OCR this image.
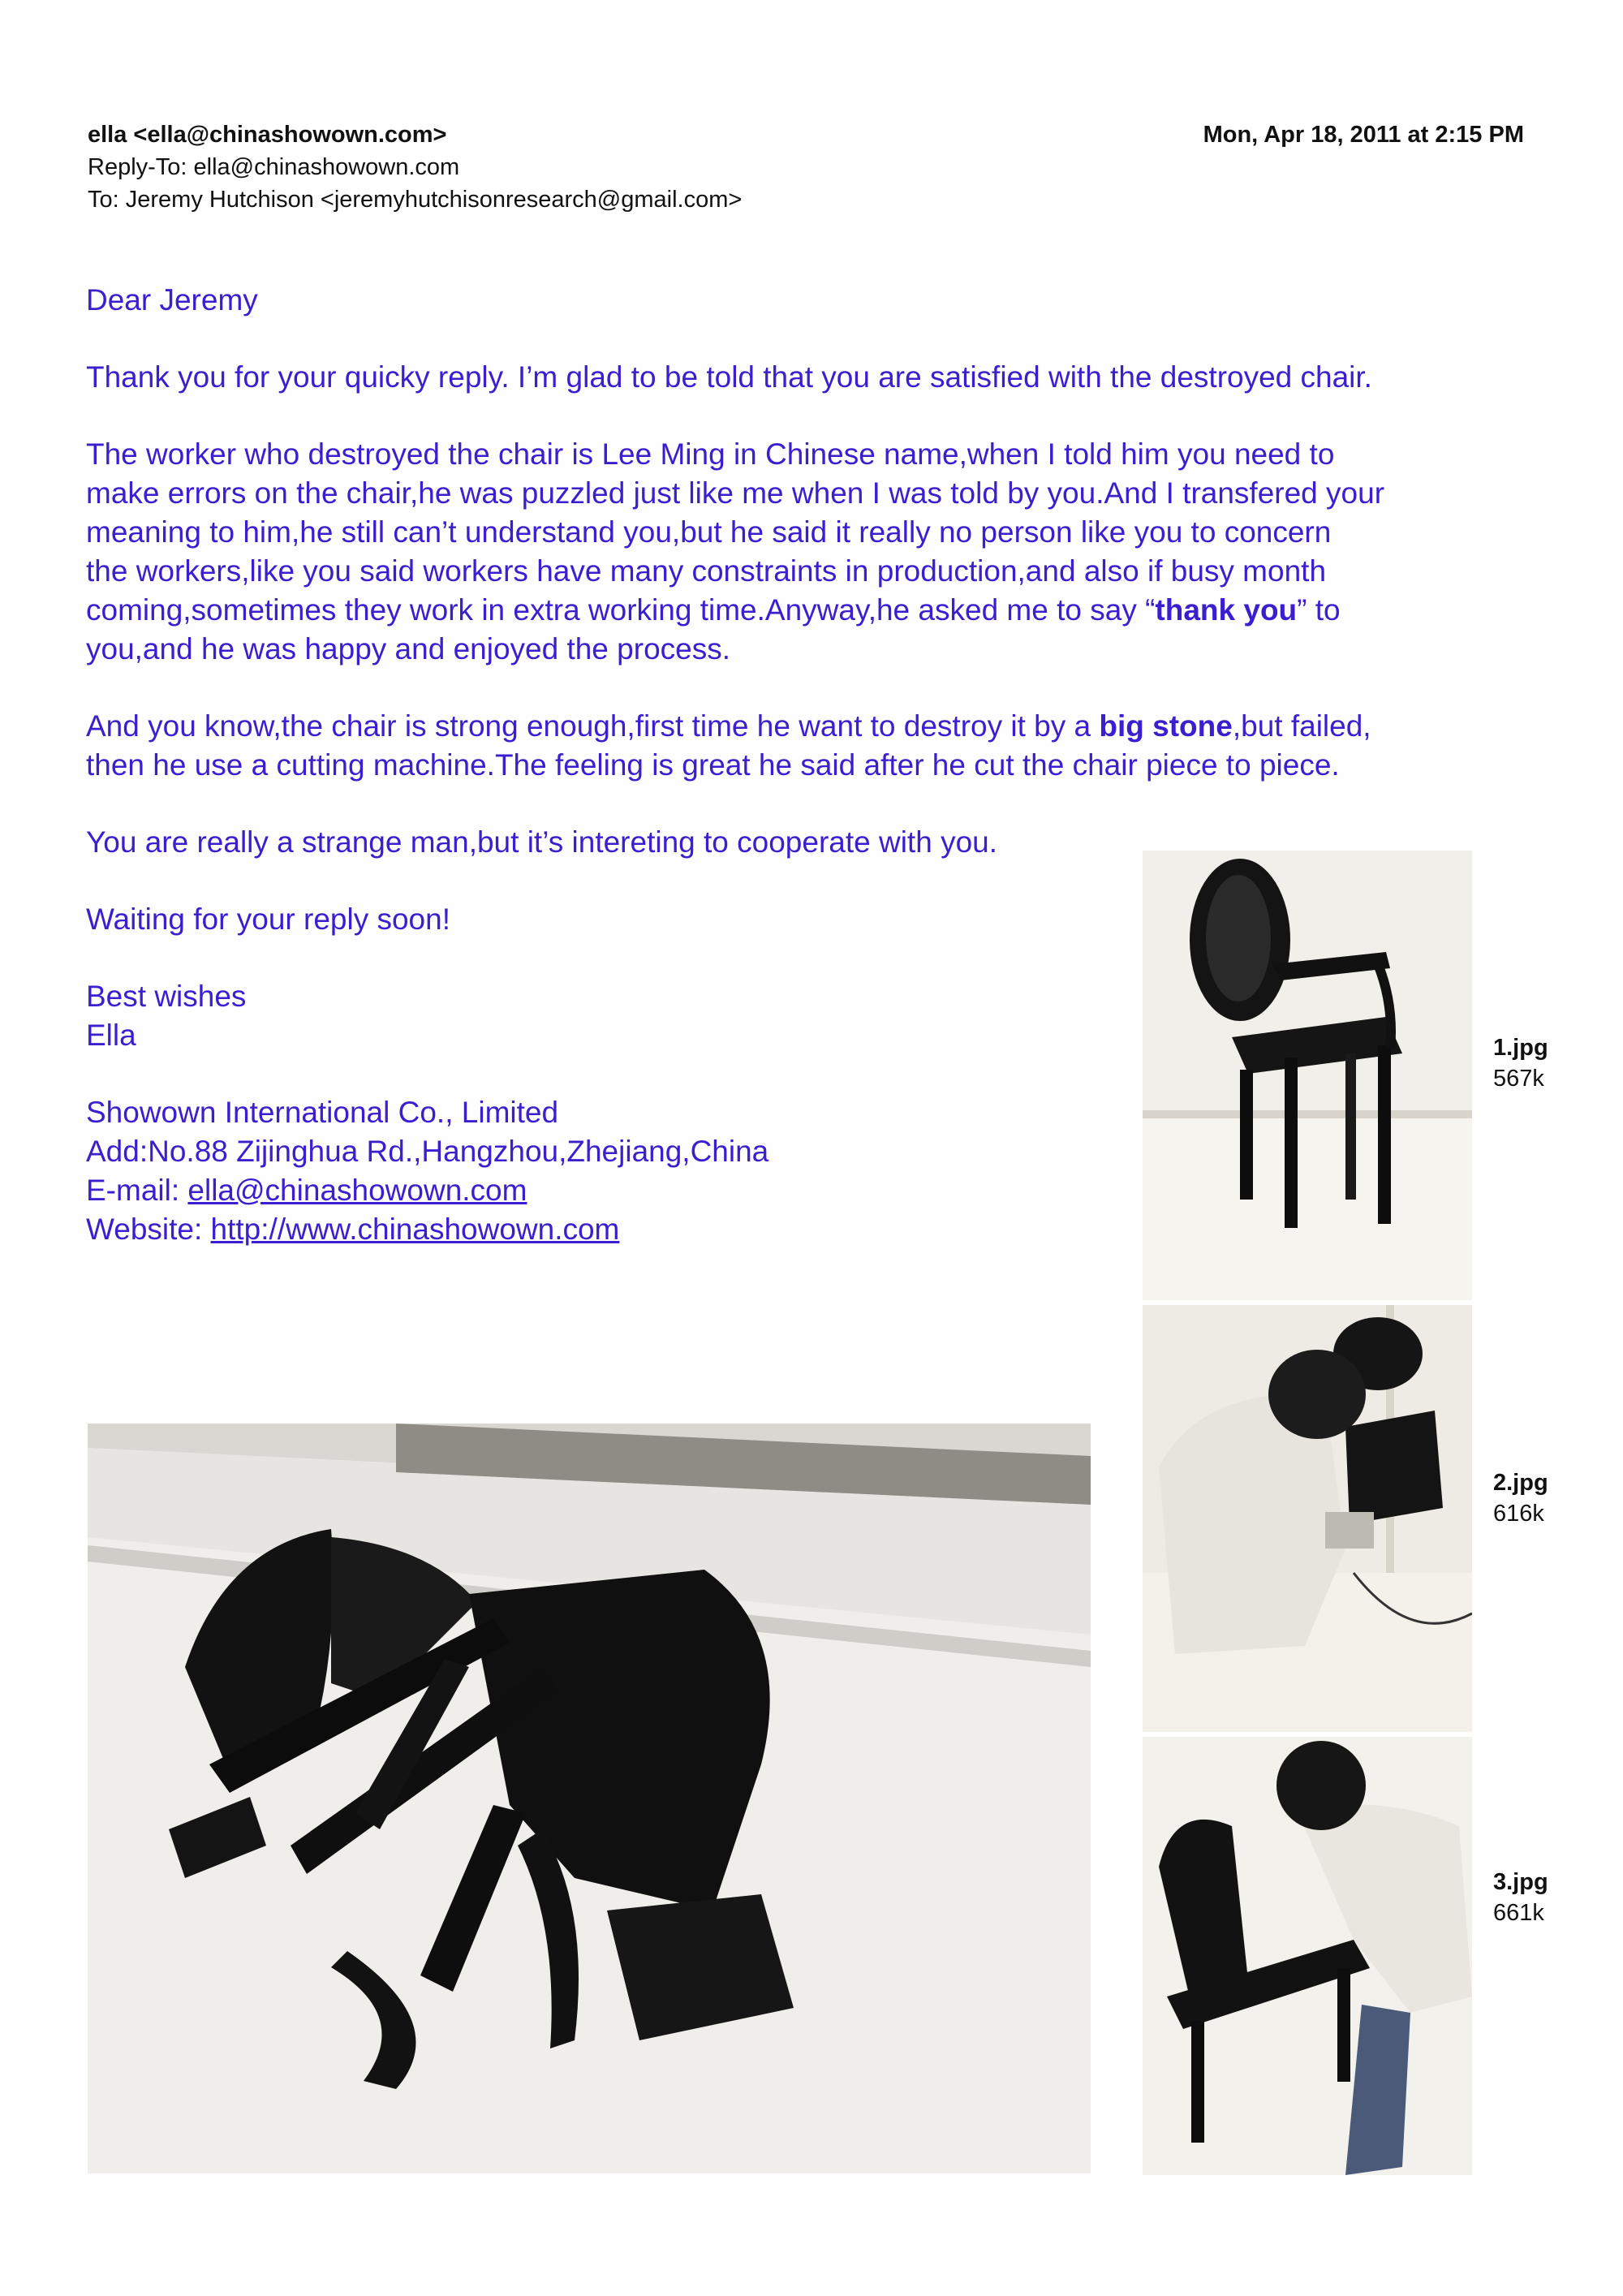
ella <ella@chinashowown.com>	Mon, Apr 18, 2011 at 2:15 PM
Reply-To: ella@chinashowown.com
To: Jeremy Hutchison <jeremyhutchisonresearch@gmail.com>

Dear Jeremy

Thank you for your quicky reply. I’m glad to be told that you are satisfied with the destroyed chair.

The worker who destroyed the chair is Lee Ming in Chinese name,when I told him you need to

make errors on the chair,he was puzzled just like me when I was told by you.And I transfered your

meaning to him,he still can’t understand you,but he said it really no person like you to concern

the workers,like you said workers have many constraints in production,and also if busy month

coming,sometimes they work in extra working time.Anyway,he asked me to say “thank you” to

you,and he was happy and enjoyed the process.

And you know,the chair is strong enough,first time he want to destroy it by a big stone,but failed,

then he use a cutting machine.The feeling is great he said after he cut the chair piece to piece.

You are really a strange man,but it’s intereting to cooperate with you.

Waiting for your reply soon!

Best wishes

Ella

Showown International Co., Limited

Add:No.88 Zijinghua Rd.,Hangzhou,Zhejiang,China

E-mail: ella@chinashowown.com

Website: http://www.chinashowown.com

1.jpg
567k
2.jpg
616k
3.jpg
661k
